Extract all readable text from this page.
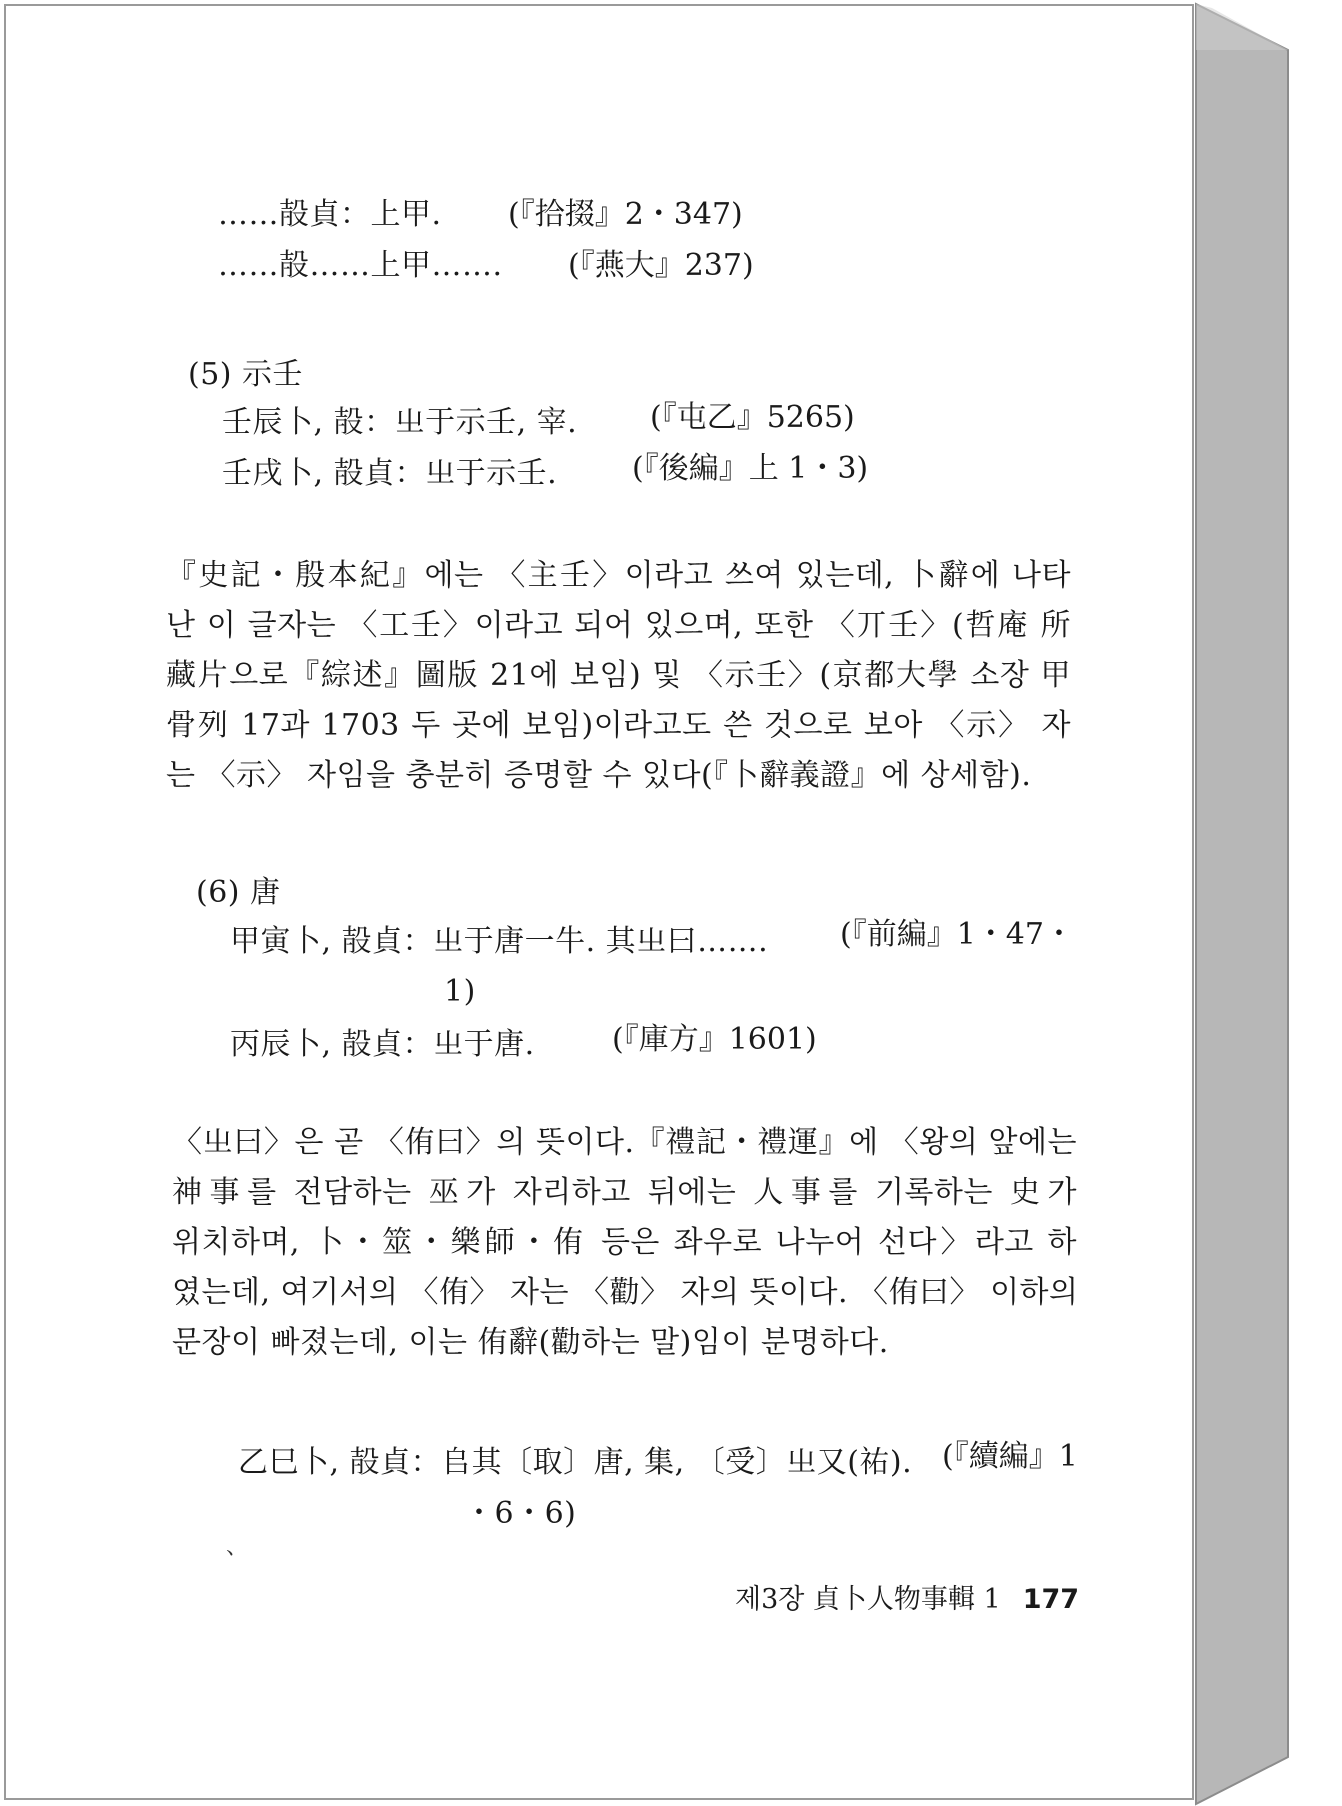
……㱿貞：上甲. (『拾掇』2・347)
……㱿……上甲……. (『燕大』237)
(5) 示壬
壬辰卜, 㱿：㞢于示壬, 宰. (『屯乙』5265)
壬戌卜, 㱿貞：㞢于示壬. (『後編』上 1・3)
『史記・殷本紀』에는 〈主壬〉이라고 쓰여 있는데, 卜辭에 나타
난 이 글자는 〈工壬〉이라고 되어 있으며, 또한 〈丌壬〉(哲庵 所
藏片으로『綜述』圖版 21에 보임) 및 〈示壬〉(京都大學 소장 甲
骨列 17과 1703 두 곳에 보임)이라고도 쓴 것으로 보아 〈示〉 자
는 〈示〉 자임을 충분히 증명할 수 있다(『卜辭義證』에 상세함).
(6) 唐
甲寅卜, 㱿貞：㞢于唐一牛. 其㞢曰……. (『前編』1・47・
1)
丙辰卜, 㱿貞：㞢于唐.	(『庫方』1601)
〈㞢曰〉은 곧 〈侑曰〉의 뜻이다.『禮記・禮運』에 〈왕의 앞에는
神事를 전담하는 巫가 자리하고 뒤에는 人事를 기록하는 史가
위치하며, 卜・筮・樂師・侑 등은 좌우로 나누어 선다〉라고 하
였는데, 여기서의 〈侑〉 자는 〈勸〉 자의 뜻이다. 〈侑曰〉 이하의
문장이 빠졌는데, 이는 侑辭(勸하는 말)임이 분명하다.
乙巳卜, 㱿貞：𠂤其〔取〕唐, 集, 〔受〕㞢又(祐). (『續編』1
・6・6)
、
제3장 貞卜人物事輯 1 177
